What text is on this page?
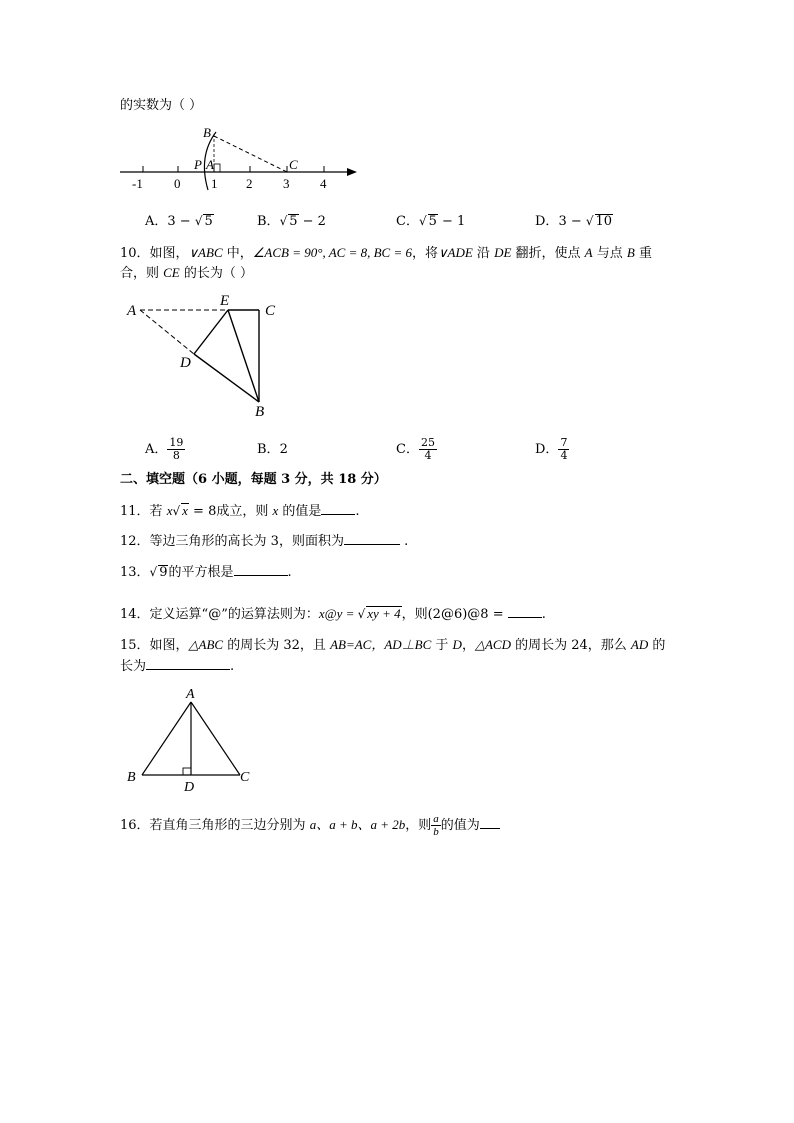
的实数为（ ）
-1 0 1 2 3 4
B
P A	C
A．3 − √ 5	B．√ 5 − 2	C．√ 5 − 1	D．3 − √ 10
10．如图，∨ABC 中，∠ACB = 90°, AC = 8, BC = 6，将∨ADE 沿 DE 翻折，使点 A 与点 B 重
合，则 CE 的长为（ ）
A
E
C
D
B
A． $\frac{19}{8}$	B．2	C． $\frac{25}{4}$	D． $\frac{7}{4}$
二、填空题（6 小题，每题 3 分，共 18 分）
11．若 x√ x = 8成立，则 x 的值是	.
12．等边三角形的高长为 3，则面积为	.
13．√ 9的平方根是	.
14．定义运算“@”的运算法则为：x@y = √ xy + 4，则(2@6)@8 =	.
15．如图，△ABC 的周长为 32，且 AB=AC，AD⊥BC 于 D，△ACD 的周长为 24，那么 AD 的
长为	.
A
B
D
C
16．若直角三角形的三边分别为 a、a + b、a + 2b，则 $\frac{a}{b}$ 的值为
